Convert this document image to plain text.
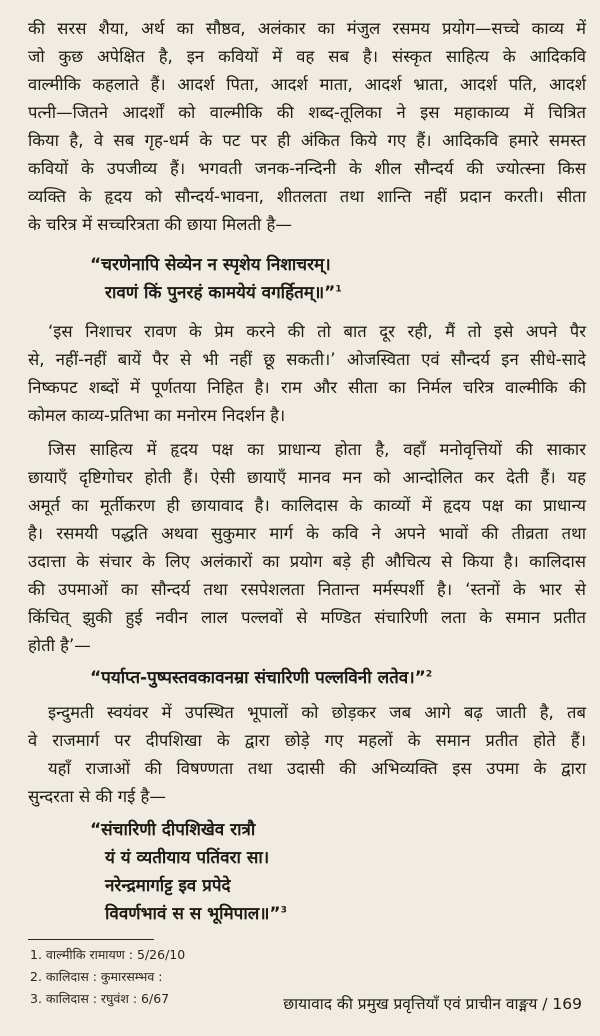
की सरस शैया, अर्थ का सौष्ठव, अलंकार का मंजुल रसमय प्रयोग—सच्चे काव्य में
जो कुछ अपेक्षित है, इन कवियों में वह सब है। संस्कृत साहित्य के आदिकवि
वाल्मीकि कहलाते हैं। आदर्श पिता, आदर्श माता, आदर्श भ्राता, आदर्श पति, आदर्श
पत्नी—जितने आदर्शों को वाल्मीकि की शब्द-तूलिका ने इस महाकाव्य में चित्रित
किया है, वे सब गृह-धर्म के पट पर ही अंकित किये गए हैं। आदिकवि हमारे समस्त
कवियों के उपजीव्य हैं। भगवती जनक-नन्दिनी के शील सौन्दर्य की ज्योत्स्ना किस
व्यक्ति के हृदय को सौन्दर्य-भावना, शीतलता तथा शान्ति नहीं प्रदान करती। सीता
के चरित्र में सच्चरित्रता की छाया मिलती है—
“चरणेनापि सेव्येन न स्पृशेय निशाचरम्।
रावणं किं पुनरहं कामयेयं वगर्हितम्॥”$^1$
‘इस निशाचर रावण के प्रेम करने की तो बात दूर रही, मैं तो इसे अपने पैर
से, नहीं-नहीं बायें पैर से भी नहीं छू सकती।’ ओजस्विता एवं सौन्दर्य इन सीधे-सादे
निष्कपट शब्दों में पूर्णतया निहित है। राम और सीता का निर्मल चरित्र वाल्मीकि की
कोमल काव्य-प्रतिभा का मनोरम निदर्शन है।
जिस साहित्य में हृदय पक्ष का प्राधान्य होता है, वहाँ मनोवृत्तियों की साकार
छायाएँ दृष्टिगोचर होती हैं। ऐसी छायाएँ मानव मन को आन्दोलित कर देती हैं। यह
अमूर्त का मूर्तीकरण ही छायावाद है। कालिदास के काव्यों में हृदय पक्ष का प्राधान्य
है। रसमयी पद्धति अथवा सुकुमार मार्ग के कवि ने अपने भावों की तीव्रता तथा
उदात्ता के संचार के लिए अलंकारों का प्रयोग बड़े ही औचित्य से किया है। कालिदास
की उपमाओं का सौन्दर्य तथा रसपेशलता नितान्त मर्मस्पर्शी है। ‘स्तनों के भार से
किंचित् झुकी हुई नवीन लाल पल्लवों से मण्डित संचारिणी लता के समान प्रतीत
होती है’—
“पर्याप्त-पुष्पस्तवकावनम्रा संचारिणी पल्लविनी लतेव।”$^2$
इन्दुमती स्वयंवर में उपस्थित भूपालों को छोड़कर जब आगे बढ़ जाती है, तब
वे राजमार्ग पर दीपशिखा के द्वारा छोड़े गए महलों के समान प्रतीत होते हैं।
यहाँ राजाओं की विषण्णता तथा उदासी की अभिव्यक्ति इस उपमा के द्वारा
सुन्दरता से की गई है—
“संचारिणी दीपशिखेव रात्रौ
यं यं व्यतीयाय पतिंवरा सा।
नरेन्द्रमार्गाट्ट इव प्रपेदे
विवर्णभावं स स भूमिपाल॥”$^3$
1. वाल्मीकि रामायण : 5/26/10
2. कालिदास : कुमारसम्भव :
3. कालिदास : रघुवंश : 6/67	छायावाद की प्रमुख प्रवृत्तियाँ एवं प्राचीन वाङ्मय / 169
